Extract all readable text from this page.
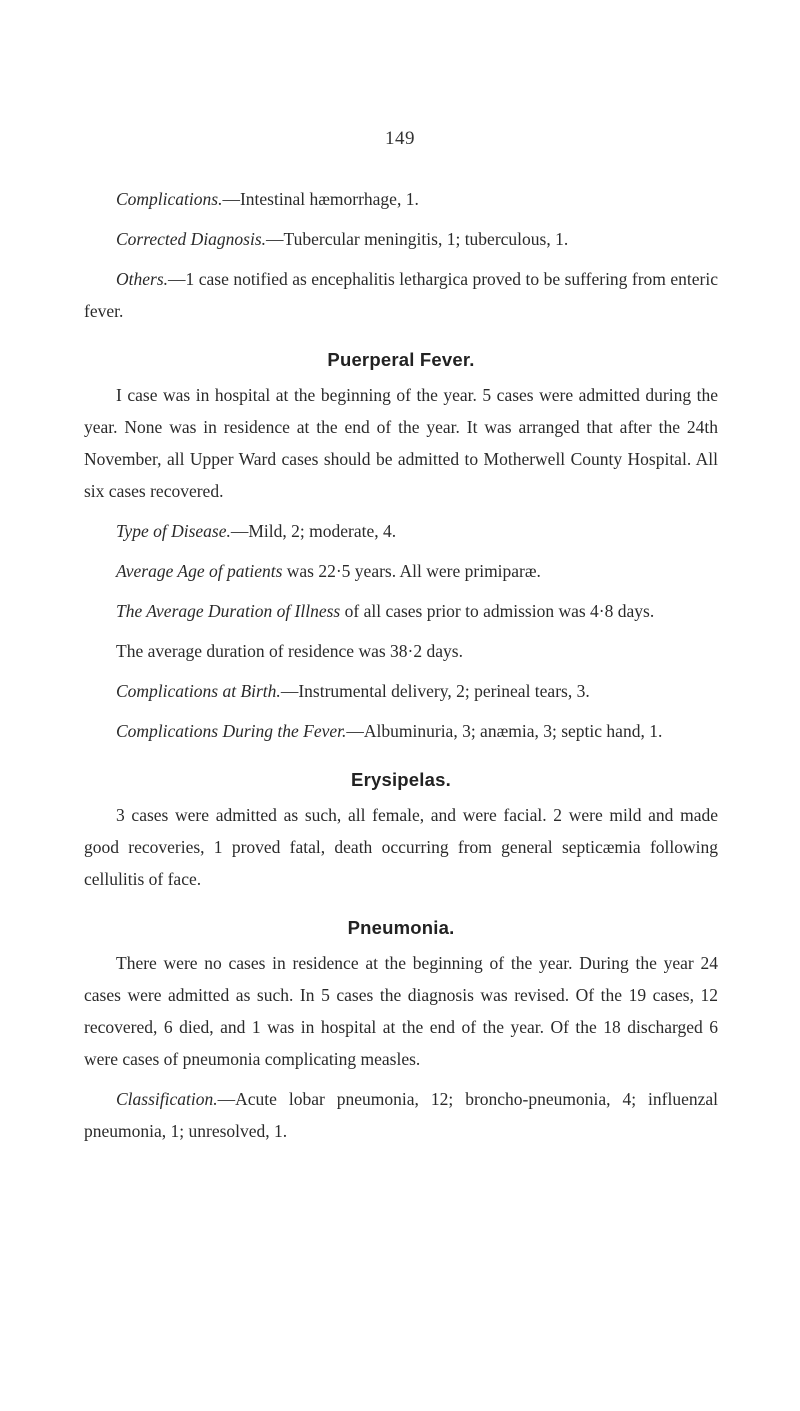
149

Complications.—Intestinal hæmorrhage, 1.

Corrected Diagnosis.—Tubercular meningitis, 1; tuberculous, 1.

Others.—1 case notified as encephalitis lethargica proved to be suffering from enteric fever.

Puerperal Fever.

I case was in hospital at the beginning of the year. 5 cases were admitted during the year. None was in residence at the end of the year. It was arranged that after the 24th November, all Upper Ward cases should be admitted to Motherwell County Hospital. All six cases recovered.

Type of Disease.—Mild, 2; moderate, 4.

Average Age of patients was 22·5 years. All were primiparæ.

The Average Duration of Illness of all cases prior to admission was 4·8 days.

The average duration of residence was 38·2 days.

Complications at Birth.—Instrumental delivery, 2; perineal tears, 3.

Complications During the Fever.—Albuminuria, 3; anæmia, 3; septic hand, 1.

Erysipelas.

3 cases were admitted as such, all female, and were facial. 2 were mild and made good recoveries, 1 proved fatal, death occurring from general septicæmia following cellulitis of face.

Pneumonia.

There were no cases in residence at the beginning of the year. During the year 24 cases were admitted as such. In 5 cases the diagnosis was revised. Of the 19 cases, 12 recovered, 6 died, and 1 was in hospital at the end of the year. Of the 18 discharged 6 were cases of pneumonia complicating measles.

Classification.—Acute lobar pneumonia, 12; broncho-pneumonia, 4; influenzal pneumonia, 1; unresolved, 1.
